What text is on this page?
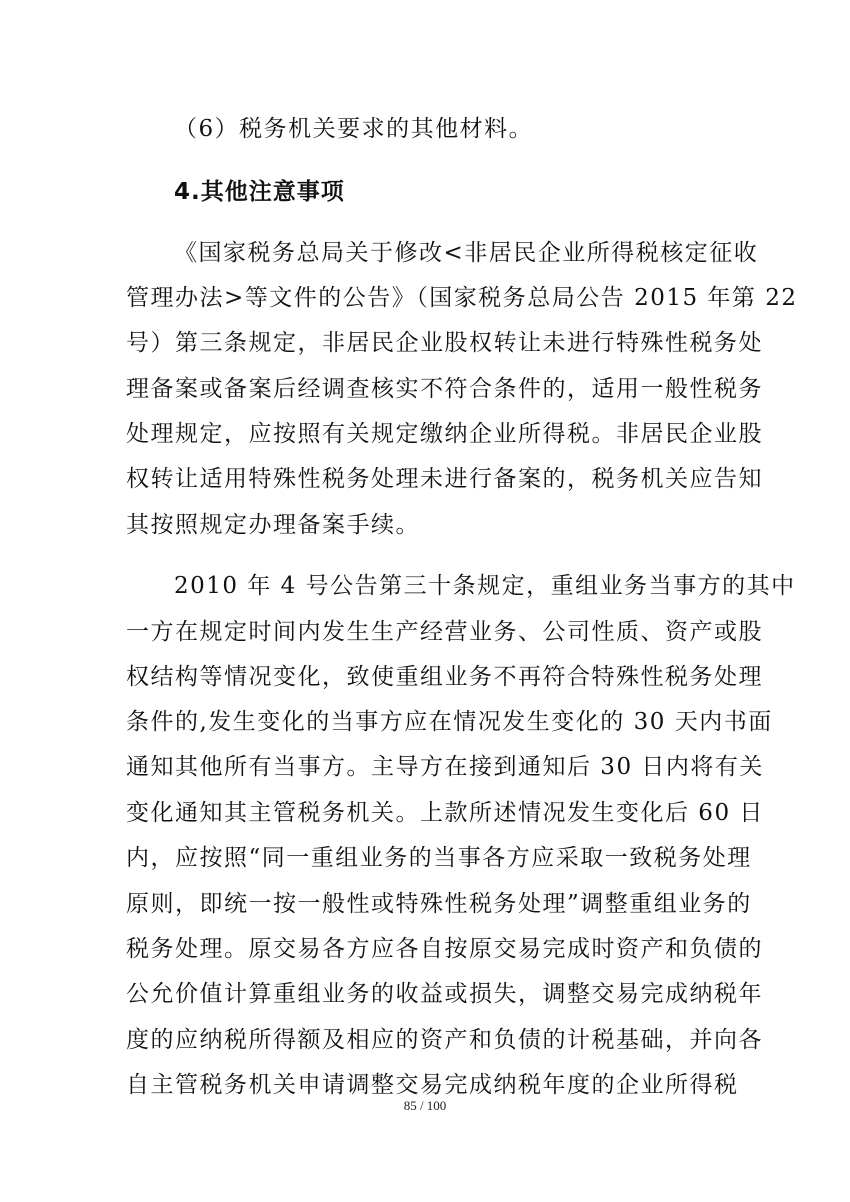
（6）税务机关要求的其他材料。
4.其他注意事项
《国家税务总局关于修改<非居民企业所得税核定征收
管理办法>等文件的公告》（国家税务总局公告 2015 年第 22
号）第三条规定，非居民企业股权转让未进行特殊性税务处
理备案或备案后经调查核实不符合条件的，适用一般性税务
处理规定，应按照有关规定缴纳企业所得税。非居民企业股
权转让适用特殊性税务处理未进行备案的，税务机关应告知
其按照规定办理备案手续。
2010 年 4 号公告第三十条规定，重组业务当事方的其中
一方在规定时间内发生生产经营业务、公司性质、资产或股
权结构等情况变化，致使重组业务不再符合特殊性税务处理
条件的,发生变化的当事方应在情况发生变化的 30 天内书面
通知其他所有当事方。主导方在接到通知后 30 日内将有关
变化通知其主管税务机关。上款所述情况发生变化后 60 日
内，应按照“同一重组业务的当事各方应采取一致税务处理
原则，即统一按一般性或特殊性税务处理”调整重组业务的
税务处理。原交易各方应各自按原交易完成时资产和负债的
公允价值计算重组业务的收益或损失，调整交易完成纳税年
度的应纳税所得额及相应的资产和负债的计税基础，并向各
自主管税务机关申请调整交易完成纳税年度的企业所得税
85 / 100
